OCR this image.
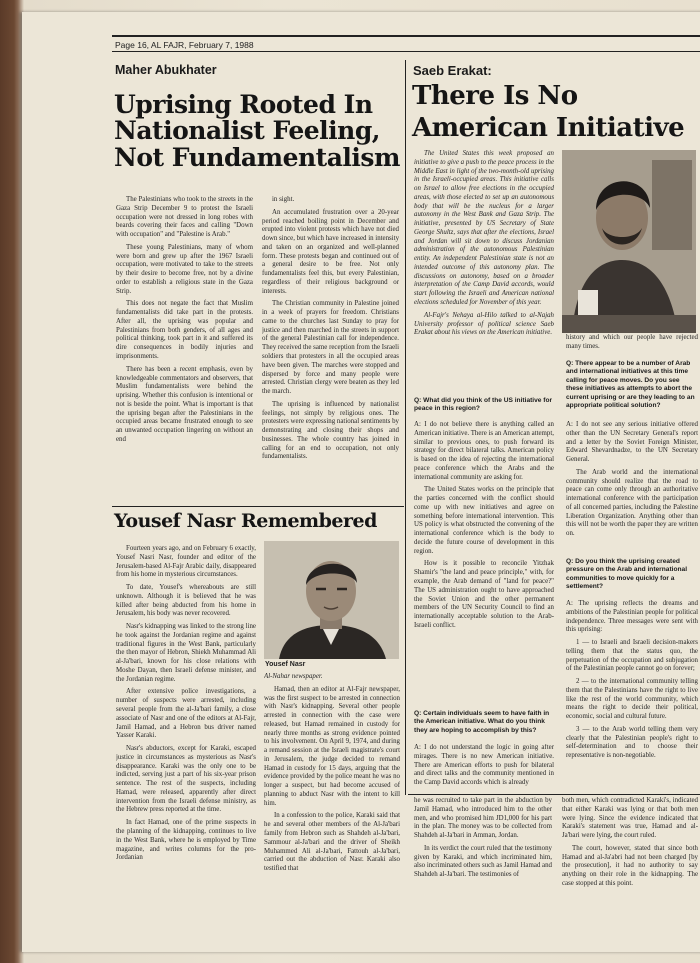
Page 16, AL FAJR, February 7, 1988
Maher Abukhater
Uprising Rooted In
Nationalist Feeling,
Not Fundamentalism

The Palestinians who took to the streets in the Gaza Strip December 9 to protest the Israeli occupation were not dressed in long robes with beards covering their faces and calling "Down with occupation" and "Palestine is Arab."

These young Palestinians, many of whom were born and grew up after the 1967 Israeli occupation, were motivated to take to the streets by their desire to become free, not by a divine order to establish a religious state in the Gaza Strip.

This does not negate the fact that Muslim fundamentalists did take part in the protests. After all, the uprising was popular and Palestinians from both genders, of all ages and political thinking, took part in it and suffered its dire consequences in bodily injuries and imprisonments.

There has been a recent emphasis, even by knowledgeable commentators and observers, that Muslim fundamentalists were behind the uprising. Whether this confusion is intentional or not is beside the point. What is important is that the uprising began after the Palestinians in the occupied areas became frustrated enough to see an unwanted occupation lingering on without an end

in sight.

An accumulated frustration over a 20-year period reached boiling point in December and erupted into violent protests which have not died down since, but which have increased in intensity and taken on an organized and well-planned form. These protests began and continued out of a general desire to be free. Not only fundamentalists feel this, but every Palestinian, regardless of their religious background or interests.

The Christian community in Palestine joined in a week of prayers for freedom. Christians came to the churches last Sunday to pray for justice and then marched in the streets in support of the general Palestinian call for independence. They received the same reception from the Israeli soldiers that protesters in all the occupied areas have been given. The marches were stopped and dispersed by force and many people were arrested. Christian clergy were beaten as they led the march.

The uprising is influenced by nationalist feelings, not simply by religious ones. The protesters were expressing national sentiments by demonstrating and closing their shops and businesses. The whole country has joined in calling for an end to occupation, not only fundamentalists.

Yousef Nasr Remembered

Fourteen years ago, and on February 6 exactly, Yousef Nasri Nasr, founder and editor of the Jerusalem-based Al-Fajr Arabic daily, disappeared from his home in mysterious circumstances.

To date, Yousef's whereabouts are still unknown. Although it is believed that he was killed after being abducted from his home in Jerusalem, his body was never recovered.

Nasr's kidnapping was linked to the strong line he took against the Jordanian regime and against traditional figures in the West Bank, particularly the then mayor of Hebron, Shiekh Muhammad Ali al-Ja'bari, known for his close relations with Moshe Dayan, then Israeli defense minister, and the Jordanian regime.

After extensive police investigations, a number of suspects were arrested, including several people from the al-Ja'bari family, a close associate of Nasr and one of the editors at Al-Fajr, Jamil Hamad, and a Hebron bus driver named Yasser Karaki.

Nasr's abductors, except for Karaki, escaped justice in circumstances as mysterious as Nasr's disappearance. Karaki was the only one to be indicted, serving just a part of his six-year prison sentence. The rest of the suspects, including Hamad, were released, apparently after direct intervention from the Israeli defense ministry, as the Hebrew press reported at the time.

In fact Hamad, one of the prime suspects in the planning of the kidnapping, continues to live in the West Bank, where he is employed by Time magazine, and writes columns for the pro-Jordanian

Yousef Nasr

Al-Nahar newspaper.

Hamad, then an editor at Al-Fajr newspaper, was the first suspect to be arrested in connection with Nasr's kidnapping. Several other people arrested in connection with the case were released, but Hamad remained in custody for nearly three months as strong evidence pointed to his involvement. On April 9, 1974, and during a remand session at the Israeli magistrate's court in Jerusalem, the judge decided to remand Hamad in custody for 15 days, arguing that the evidence provided by the police meant he was no longer a suspect, but had become accused of planning to abduct Nasr with the intent to kill him.

In a confession to the police, Karaki said that he and several other members of the Al-Ja'bari family from Hebron such as Shahdeh al-Ja'bari, Sammour al-Ja'bari and the driver of Sheikh Muhammed Ali al-Ja'bari, Fattouh al-Ja'bari, carried out the abduction of Nasr. Karaki also testified that

he was recruited to take part in the abduction by Jamil Hamad, who introduced him to the other men, and who promised him JD1,000 for his part in the plan. The money was to be collected from Shahdeh al-Ja'bari in Amman, Jordan.

In its verdict the court ruled that the testimony given by Karaki, and which incriminated him, also incriminated others such as Jamil Hamad and Shahdeh al-Ja'bari. The testimonies of

both men, which contradicted Karaki's, indicated that either Karaki was lying or that both men were lying. Since the evidence indicated that Karaki's statement was true, Hamad and al-Ja'bari were lying, the court ruled.

The court, however, stated that since both Hamad and al-Ja'abri had not been charged [by the prosecution], it had no authority to say anything on their role in the kidnapping. The case stopped at this point.

Saeb Erakat:
There Is No
American Initiative

The United States this week proposed an initiative to give a push to the peace process in the Middle East in light of the two-month-old uprising in the Israeli-occupied areas. This initiative calls on Israel to allow free elections in the occupied areas, with those elected to set up an autonomous body that will be the nucleus for a larger autonomy in the West Bank and Gaza Strip. The initiative, presented by US Secretary of State George Shultz, says that after the elections, Israel and Jordan will sit down to discuss Jordanian administration of the autonomous Palestinian entity. An independent Palestinian state is not an intended outcome of this autonomy plan. The discussions on autonomy, based on a broader interpretation of the Camp David accords, would start following the Israeli and American national elections scheduled for November of this year.

Al-Fajr's Nehaya al-Hilo talked to al-Najah University professor of political science Saeb Erakat about his views on the American initiative.

history and which our people have rejected many times.

Q: What did you think of the US initiative for peace in this region?

A: I do not believe there is anything called an American initiative. There is an American attempt, similar to previous ones, to push forward its strategy for direct bilateral talks. American policy is based on the idea of rejecting the international peace conference which the Arabs and the international community are asking for.

The United States works on the principle that the parties concerned with the conflict should come up with new initiatives and agree on something before international intervention. This US policy is what obstructed the convening of the international conference which is the body to decide the future course of development in this region.

How is it possible to reconcile Yitzhak Shamir's "the land and peace principle," with, for example, the Arab demand of "land for peace?" The US administration ought to have approached the Soviet Union and the other permanent members of the UN Security Council to find an internationally acceptable solution to the Arab-Israeli conflict.

Q: Certain individuals seem to have faith in the American initiative. What do you think they are hoping to accomplish by this?

A: I do not understand the logic in going after mirages. There is no new American initiative. There are American efforts to push for bilateral and direct talks and the community mentioned in the Camp David accords which is already

Q: There appear to be a number of Arab and international initiatives at this time calling for peace moves. Do you see these initiatives as attempts to abort the current uprising or are they leading to an appropriate political solution?

A: I do not see any serious initiative offered other than the UN Secretary General's report and a letter by the Soviet Foreign Minister, Edward Shevardnadze, to the UN Secretary General.

The Arab world and the international community should realize that the road to peace can come only through an authoritative international conference with the participation of all concerned parties, including the Palestine Liberation Organization. Anything other than this will not be worth the paper they are written on.

Q: Do you think the uprising created pressure on the Arab and international communities to move quickly for a settlement?

A: The uprising reflects the dreams and ambitions of the Palestinian people for political independence. Three messages were sent with this uprising:

1 — to Israeli and Israeli decision-makers telling them that the status quo, the perpetuation of the occupation and subjugation of the Palestinian people cannot go on forever;

2 — to the international community telling them that the Palestinians have the right to live like the rest of the world community, which means the right to decide their political, economic, social and cultural future.

3 — to the Arab world telling them very clearly that the Palestinian people's right to self-determination and to choose their representative is non-negotiable.
